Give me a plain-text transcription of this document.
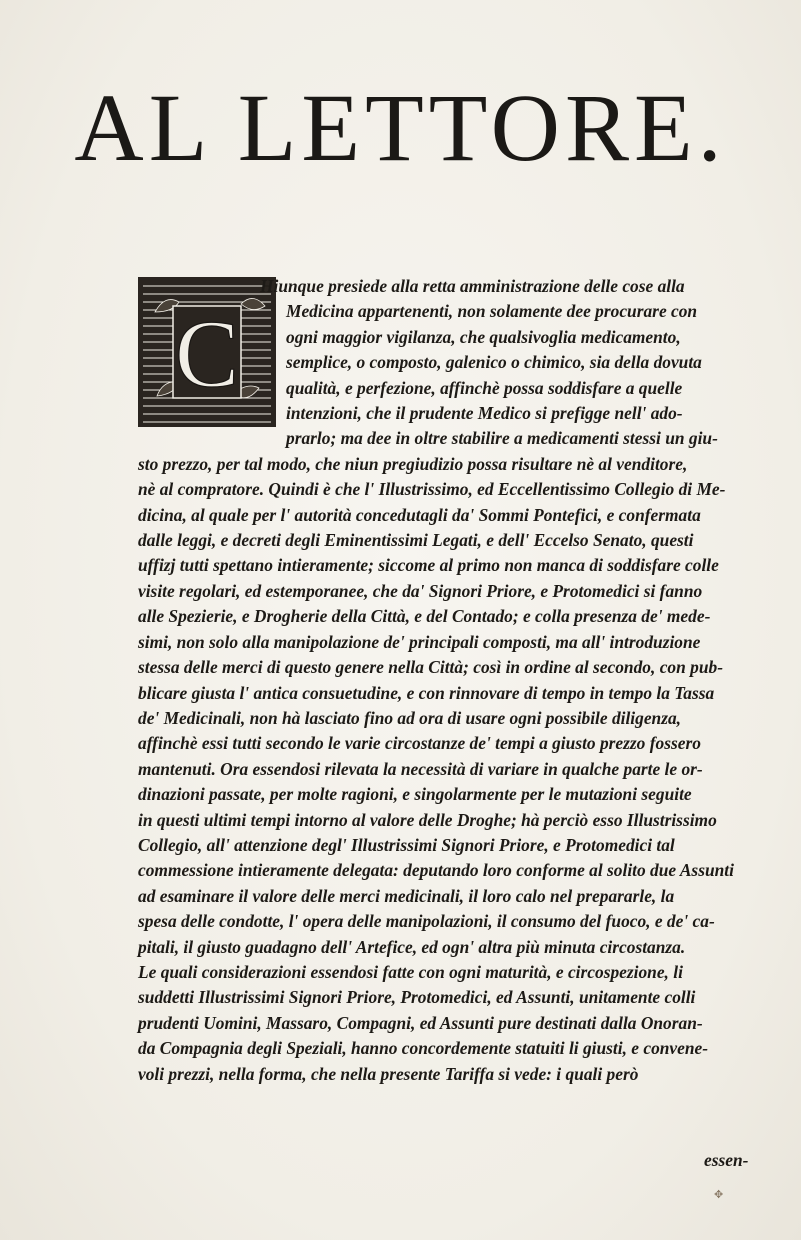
AL LETTORE.
C
Hiunque presiede alla retta amministrazione delle cose alla
Medicina appartenenti, non solamente dee procurare con
ogni maggior vigilanza, che qualsivoglia medicamento,
semplice, o composto, galenico o chimico, sia della dovuta
qualità, e perfezione, affinchè possa soddisfare a quelle
intenzioni, che il prudente Medico si prefigge nell' ado-
prarlo; ma dee in oltre stabilire a medicamenti stessi un giu-
sto prezzo, per tal modo, che niun pregiudizio possa risultare nè al venditore,
nè al compratore. Quindi è che l' Illustrissimo, ed Eccellentissimo Collegio di Me-
dicina, al quale per l' autorità concedutagli da' Sommi Pontefici, e confermata
dalle leggi, e decreti degli Eminentissimi Legati, e dell' Eccelso Senato, questi
uffizj tutti spettano intieramente; siccome al primo non manca di soddisfare colle
visite regolari, ed estemporanee, che da' Signori Priore, e Protomedici si fanno
alle Spezierie, e Drogherie della Città, e del Contado; e colla presenza de' mede-
simi, non solo alla manipolazione de' principali composti, ma all' introduzione
stessa delle merci di questo genere nella Città; così in ordine al secondo, con pub-
blicare giusta l' antica consuetudine, e con rinnovare di tempo in tempo la Tassa
de' Medicinali, non hà lasciato fino ad ora di usare ogni possibile diligenza,
affinchè essi tutti secondo le varie circostanze de' tempi a giusto prezzo fossero
mantenuti. Ora essendosi rilevata la necessità di variare in qualche parte le or-
dinazioni passate, per molte ragioni, e singolarmente per le mutazioni seguite
in questi ultimi tempi intorno al valore delle Droghe; hà perciò esso Illustrissimo
Collegio, all' attenzione degl' Illustrissimi Signori Priore, e Protomedici tal
commessione intieramente delegata: deputando loro conforme al solito due Assunti
ad esaminare il valore delle merci medicinali, il loro calo nel prepararle, la
spesa delle condotte, l' opera delle manipolazioni, il consumo del fuoco, e de' ca-
pitali, il giusto guadagno dell' Artefice, ed ogn' altra più minuta circostanza.
Le quali considerazioni essendosi fatte con ogni maturità, e circospezione, li
suddetti Illustrissimi Signori Priore, Protomedici, ed Assunti, unitamente colli
prudenti Uomini, Massaro, Compagni, ed Assunti pure destinati dalla Onoran-
da Compagnia degli Speziali, hanno concordemente statuiti li giusti, e convene-
voli prezzi, nella forma, che nella presente Tariffa si vede: i quali però
essen-
✥
